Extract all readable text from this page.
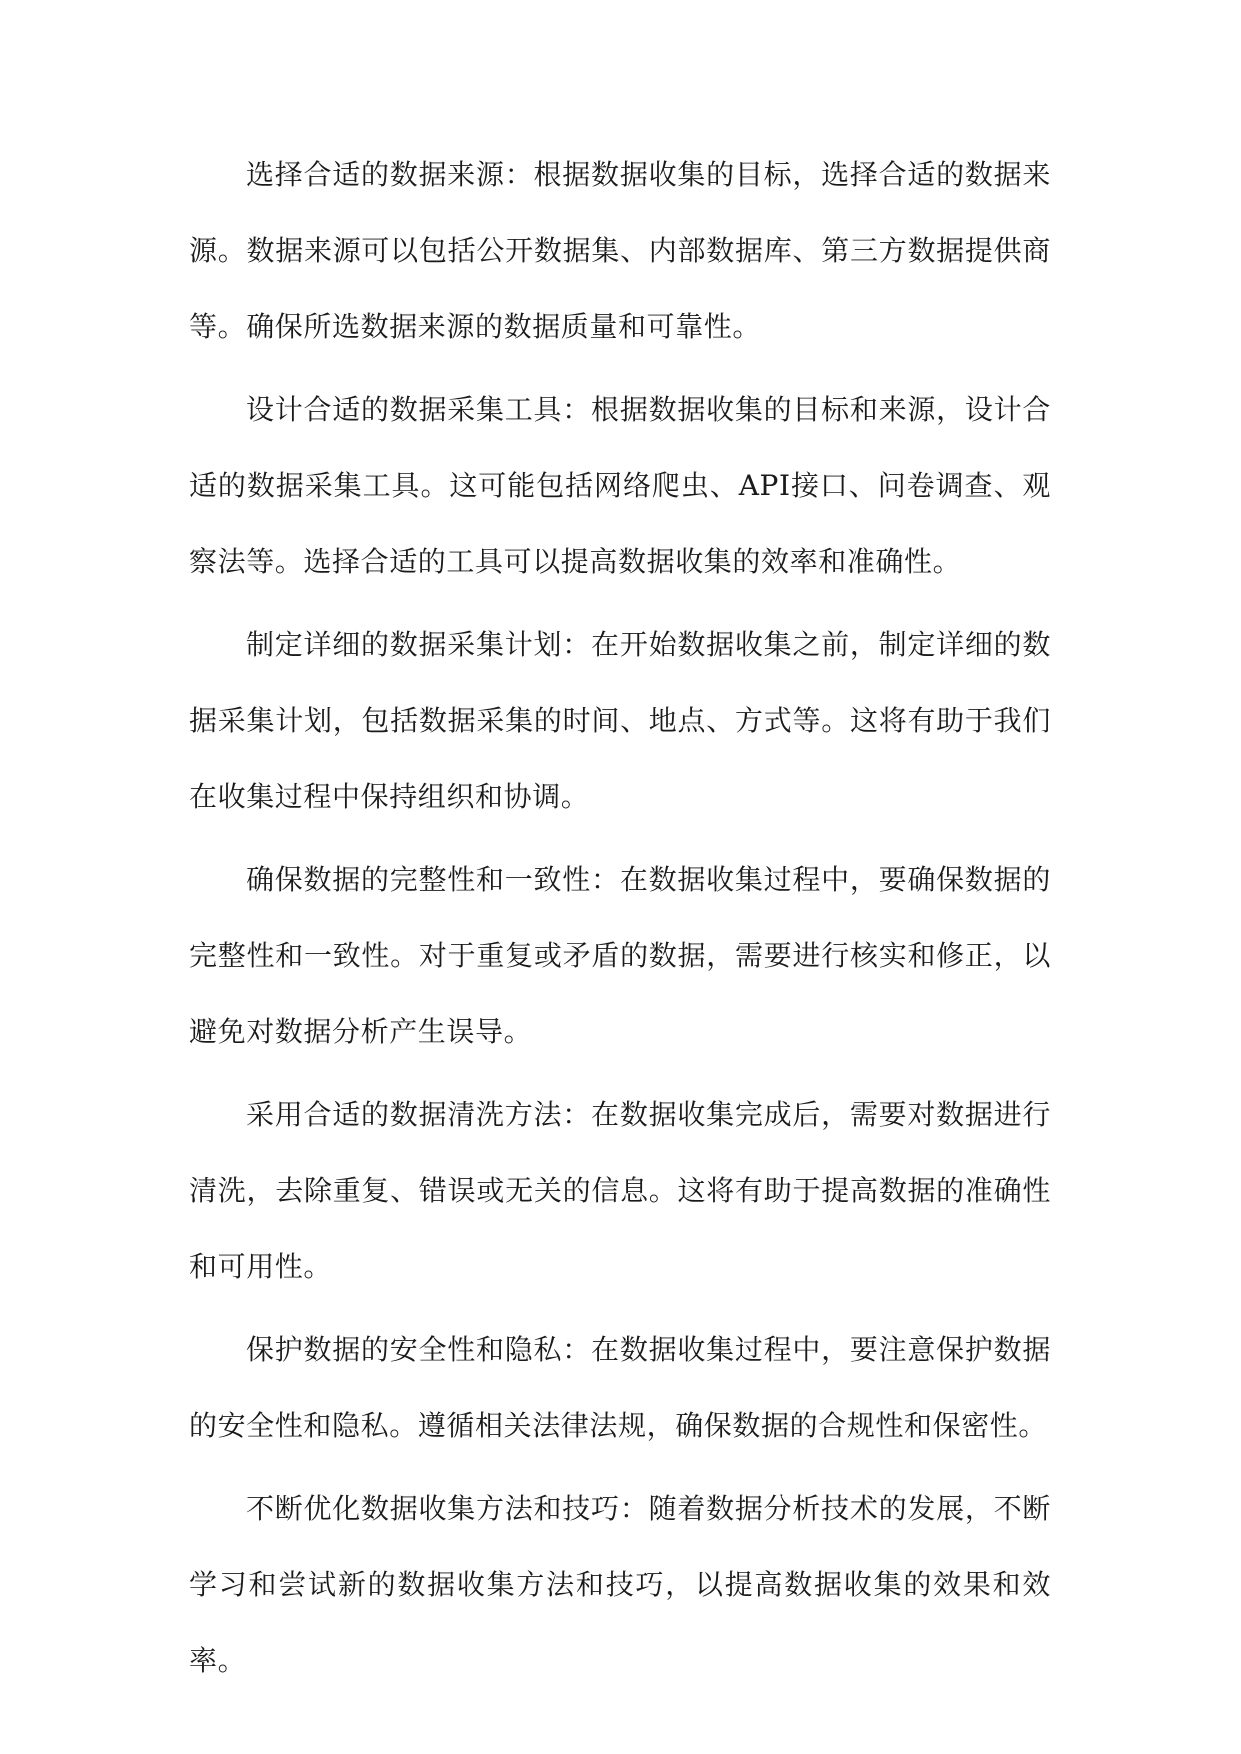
选择合适的数据来源：根据数据收集的目标，选择合适的数据来源。数据来源可以包括公开数据集、内部数据库、第三方数据提供商等。确保所选数据来源的数据质量和可靠性。

设计合适的数据采集工具：根据数据收集的目标和来源，设计合适的数据采集工具。这可能包括网络爬虫、API接口、问卷调查、观察法等。选择合适的工具可以提高数据收集的效率和准确性。

制定详细的数据采集计划：在开始数据收集之前，制定详细的数据采集计划，包括数据采集的时间、地点、方式等。这将有助于我们在收集过程中保持组织和协调。

确保数据的完整性和一致性：在数据收集过程中，要确保数据的完整性和一致性。对于重复或矛盾的数据，需要进行核实和修正，以避免对数据分析产生误导。

采用合适的数据清洗方法：在数据收集完成后，需要对数据进行清洗，去除重复、错误或无关的信息。这将有助于提高数据的准确性和可用性。

保护数据的安全性和隐私：在数据收集过程中，要注意保护数据的安全性和隐私。遵循相关法律法规，确保数据的合规性和保密性。

不断优化数据收集方法和技巧：随着数据分析技术的发展，不断学习和尝试新的数据收集方法和技巧，以提高数据收集的效果和效率。
